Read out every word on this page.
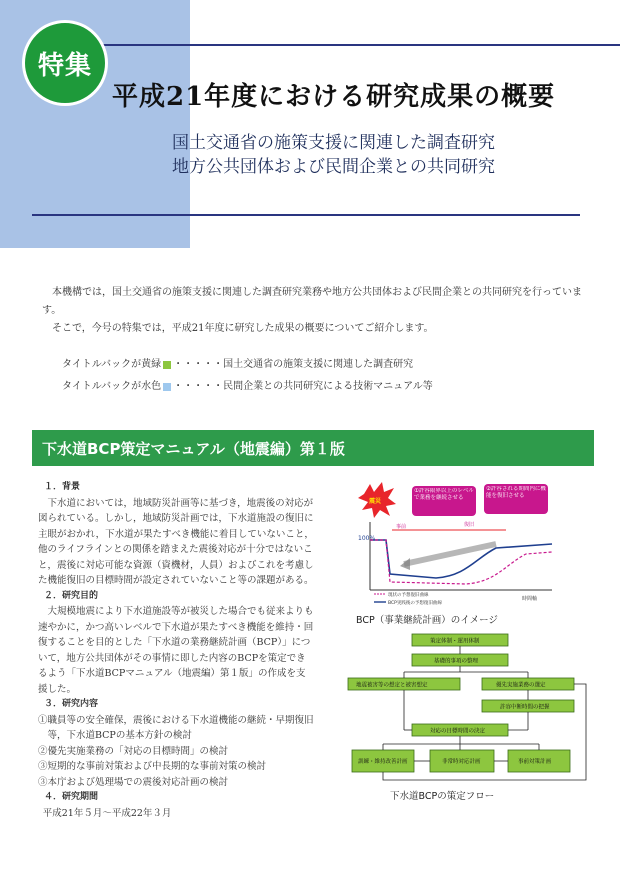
特集
平成21年度における研究成果の概要
国土交通省の施策支援に関連した調査研究
地方公共団体および民間企業との共同研究

本機構では，国土交通省の施策支援に関連した調査研究業務や地方公共団体および民間企業との共同研究を行っています。

そこで，今号の特集では，平成21年度に研究した成果の概要についてご紹介します。

タイトルバックが黄緑 ・・・・・国土交通省の施策支援に関連した調査研究
タイトルバックが水色 ・・・・・民間企業との共同研究による技術マニュアル等
下水道BCP策定マニュアル（地震編）第１版
１．背景
下水道においては，地域防災計画等に基づき，地震後の対応が図られている。しかし，地域防災計画では，下水道施設の復旧に主眼がおかれ，下水道が果たすべき機能に着目していないこと，他のライフラインとの関係を踏まえた震後対応が十分ではないこと，震後に対応可能な資源（資機材，人員）およびこれを考慮した機能復旧の目標時間が設定されていないこと等の課題がある。
２．研究目的
大規模地震により下水道施設等が被災した場合でも従来よりも速やかに，かつ高いレベルで下水道が果たすべき機能を維持・回復することを目的とした「下水道の業務継続計画（BCP）」について，地方公共団体がその事情に即した内容のBCPを策定できるよう「下水道BCPマニュアル（地震編）第１版」の作成を支援した。
３．研究内容
①職員等の安全確保，震後における下水道機能の継続・早期復旧等，下水道BCPの基本方針の検討
②優先実施業務の「対応の目標時間」の検討
③短期的な事前対策および中長期的な事前対策の検討
③本庁および処理場での震後対応計画の検討
４．研究期間
平成21年５月～平成22年３月
震災
①許容限界以上のレベルで業務を継続させる
②許容される期間内に機能を復旧させる
100%
事前	復旧
時間軸
現状の予想復旧曲線
BCP実践後の予想復旧曲線
BCP（事業継続計画）のイメージ
策定体制・運用体制
基礎的事項の整理
地震被害等の想定と被害想定	優先実施業務の選定
許容中断時間の把握
対応の目標時間の決定
訓練・維持改善計画	非常時対応計画	事前対策計画
下水道BCPの策定フロー
